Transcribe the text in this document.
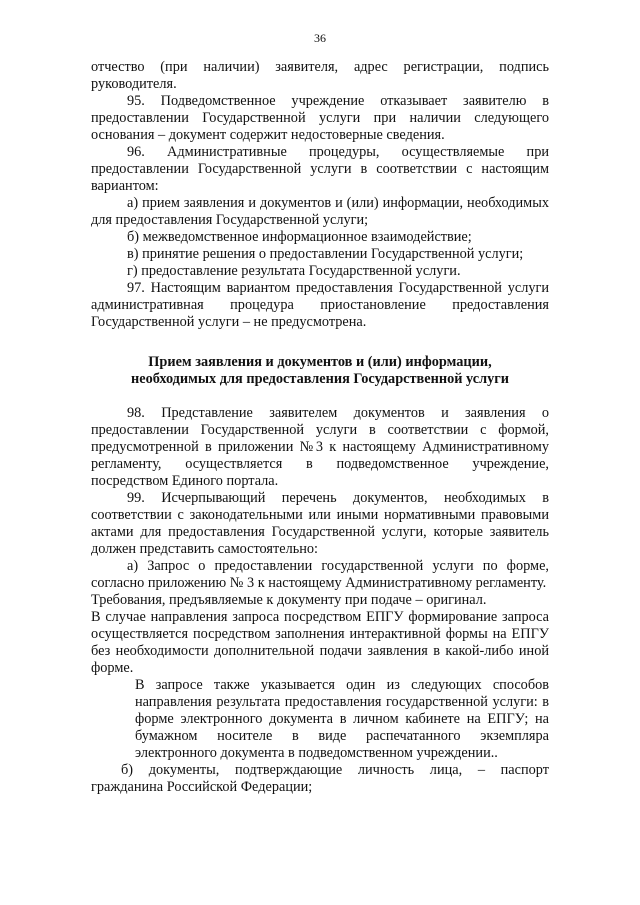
36

отчество (при наличии) заявителя, адрес регистрации, подпись руководителя.

95. Подведомственное учреждение отказывает заявителю в предоставлении Государственной услуги при наличии следующего основания – документ содержит недостоверные сведения.

96. Административные процедуры, осуществляемые при предоставлении Государственной услуги в соответствии с настоящим вариантом:

а) прием заявления и документов и (или) информации, необходимых для предоставления Государственной услуги;

б) межведомственное информационное взаимодействие;

в) принятие решения о предоставлении Государственной услуги;

г) предоставление результата Государственной услуги.

97. Настоящим вариантом предоставления Государственной услуги административная процедура приостановление предоставления Государственной услуги – не предусмотрена.

Прием заявления и документов и (или) информации,

необходимых для предоставления Государственной услуги

98. Представление заявителем документов и заявления о предоставлении Государственной услуги в соответствии с формой, предусмотренной в приложении №3 к настоящему Административному регламенту, осуществляется в подведомственное учреждение, посредством Единого портала.

99. Исчерпывающий перечень документов, необходимых в соответствии с законодательными или иными нормативными правовыми актами для предоставления Государственной услуги, которые заявитель должен представить самостоятельно:

а) Запрос о предоставлении государственной услуги по форме, согласно приложению № 3 к настоящему Административному регламенту.

Требования, предъявляемые к документу при подаче – оригинал.

В случае направления запроса посредством ЕПГУ формирование запроса осуществляется посредством заполнения интерактивной формы на ЕПГУ без необходимости дополнительной подачи заявления в какой-либо иной форме.

В запросе также указывается один из следующих способов направления результата предоставления государственной услуги: в форме электронного документа в личном кабинете на ЕПГУ; на бумажном носителе в виде распечатанного экземпляра электронного документа в подведомственном учреждении..

б) документы, подтверждающие личность лица, – паспорт гражданина Российской Федерации;
